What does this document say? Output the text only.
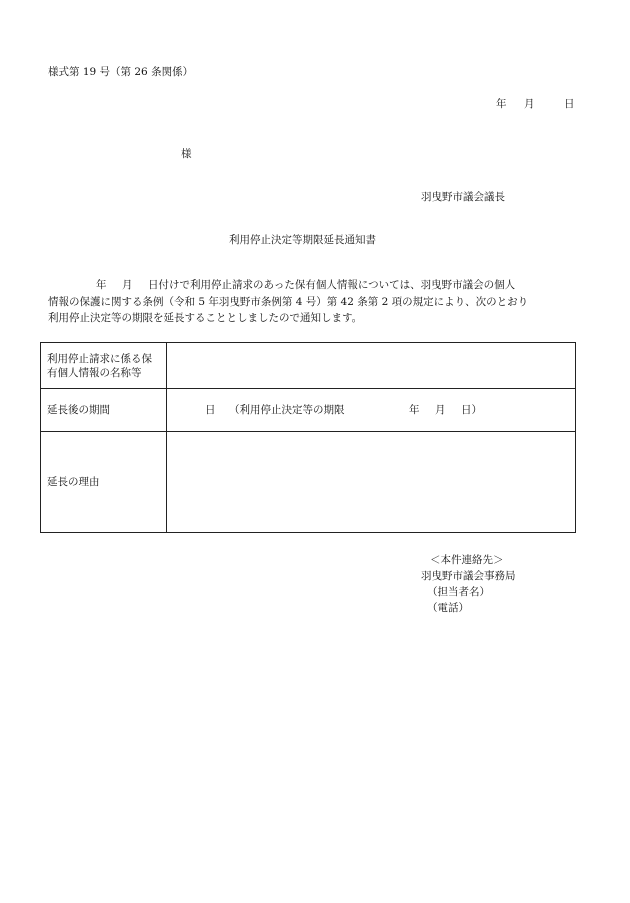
様式第 19 号（第 26 条関係）
年 月	日
様
羽曳野市議会議長
利用停止決定等期限延長通知書
年 月 日付けで利用停止請求のあった保有個人情報については、羽曳野市議会の個人
情報の保護に関する条例（令和 5 年羽曳野市条例第 4 号）第 42 条第 2 項の規定により、次のとおり
利用停止決定等の期限を延長することとしましたので通知します。
利用停止請求に係る保有個人情報の名称等	
延長後の期間	日 （利用停止決定等の期限 年 月 日）
延長の理由	
＜本件連絡先＞
羽曳野市議会事務局
（担当者名）
（電話）
